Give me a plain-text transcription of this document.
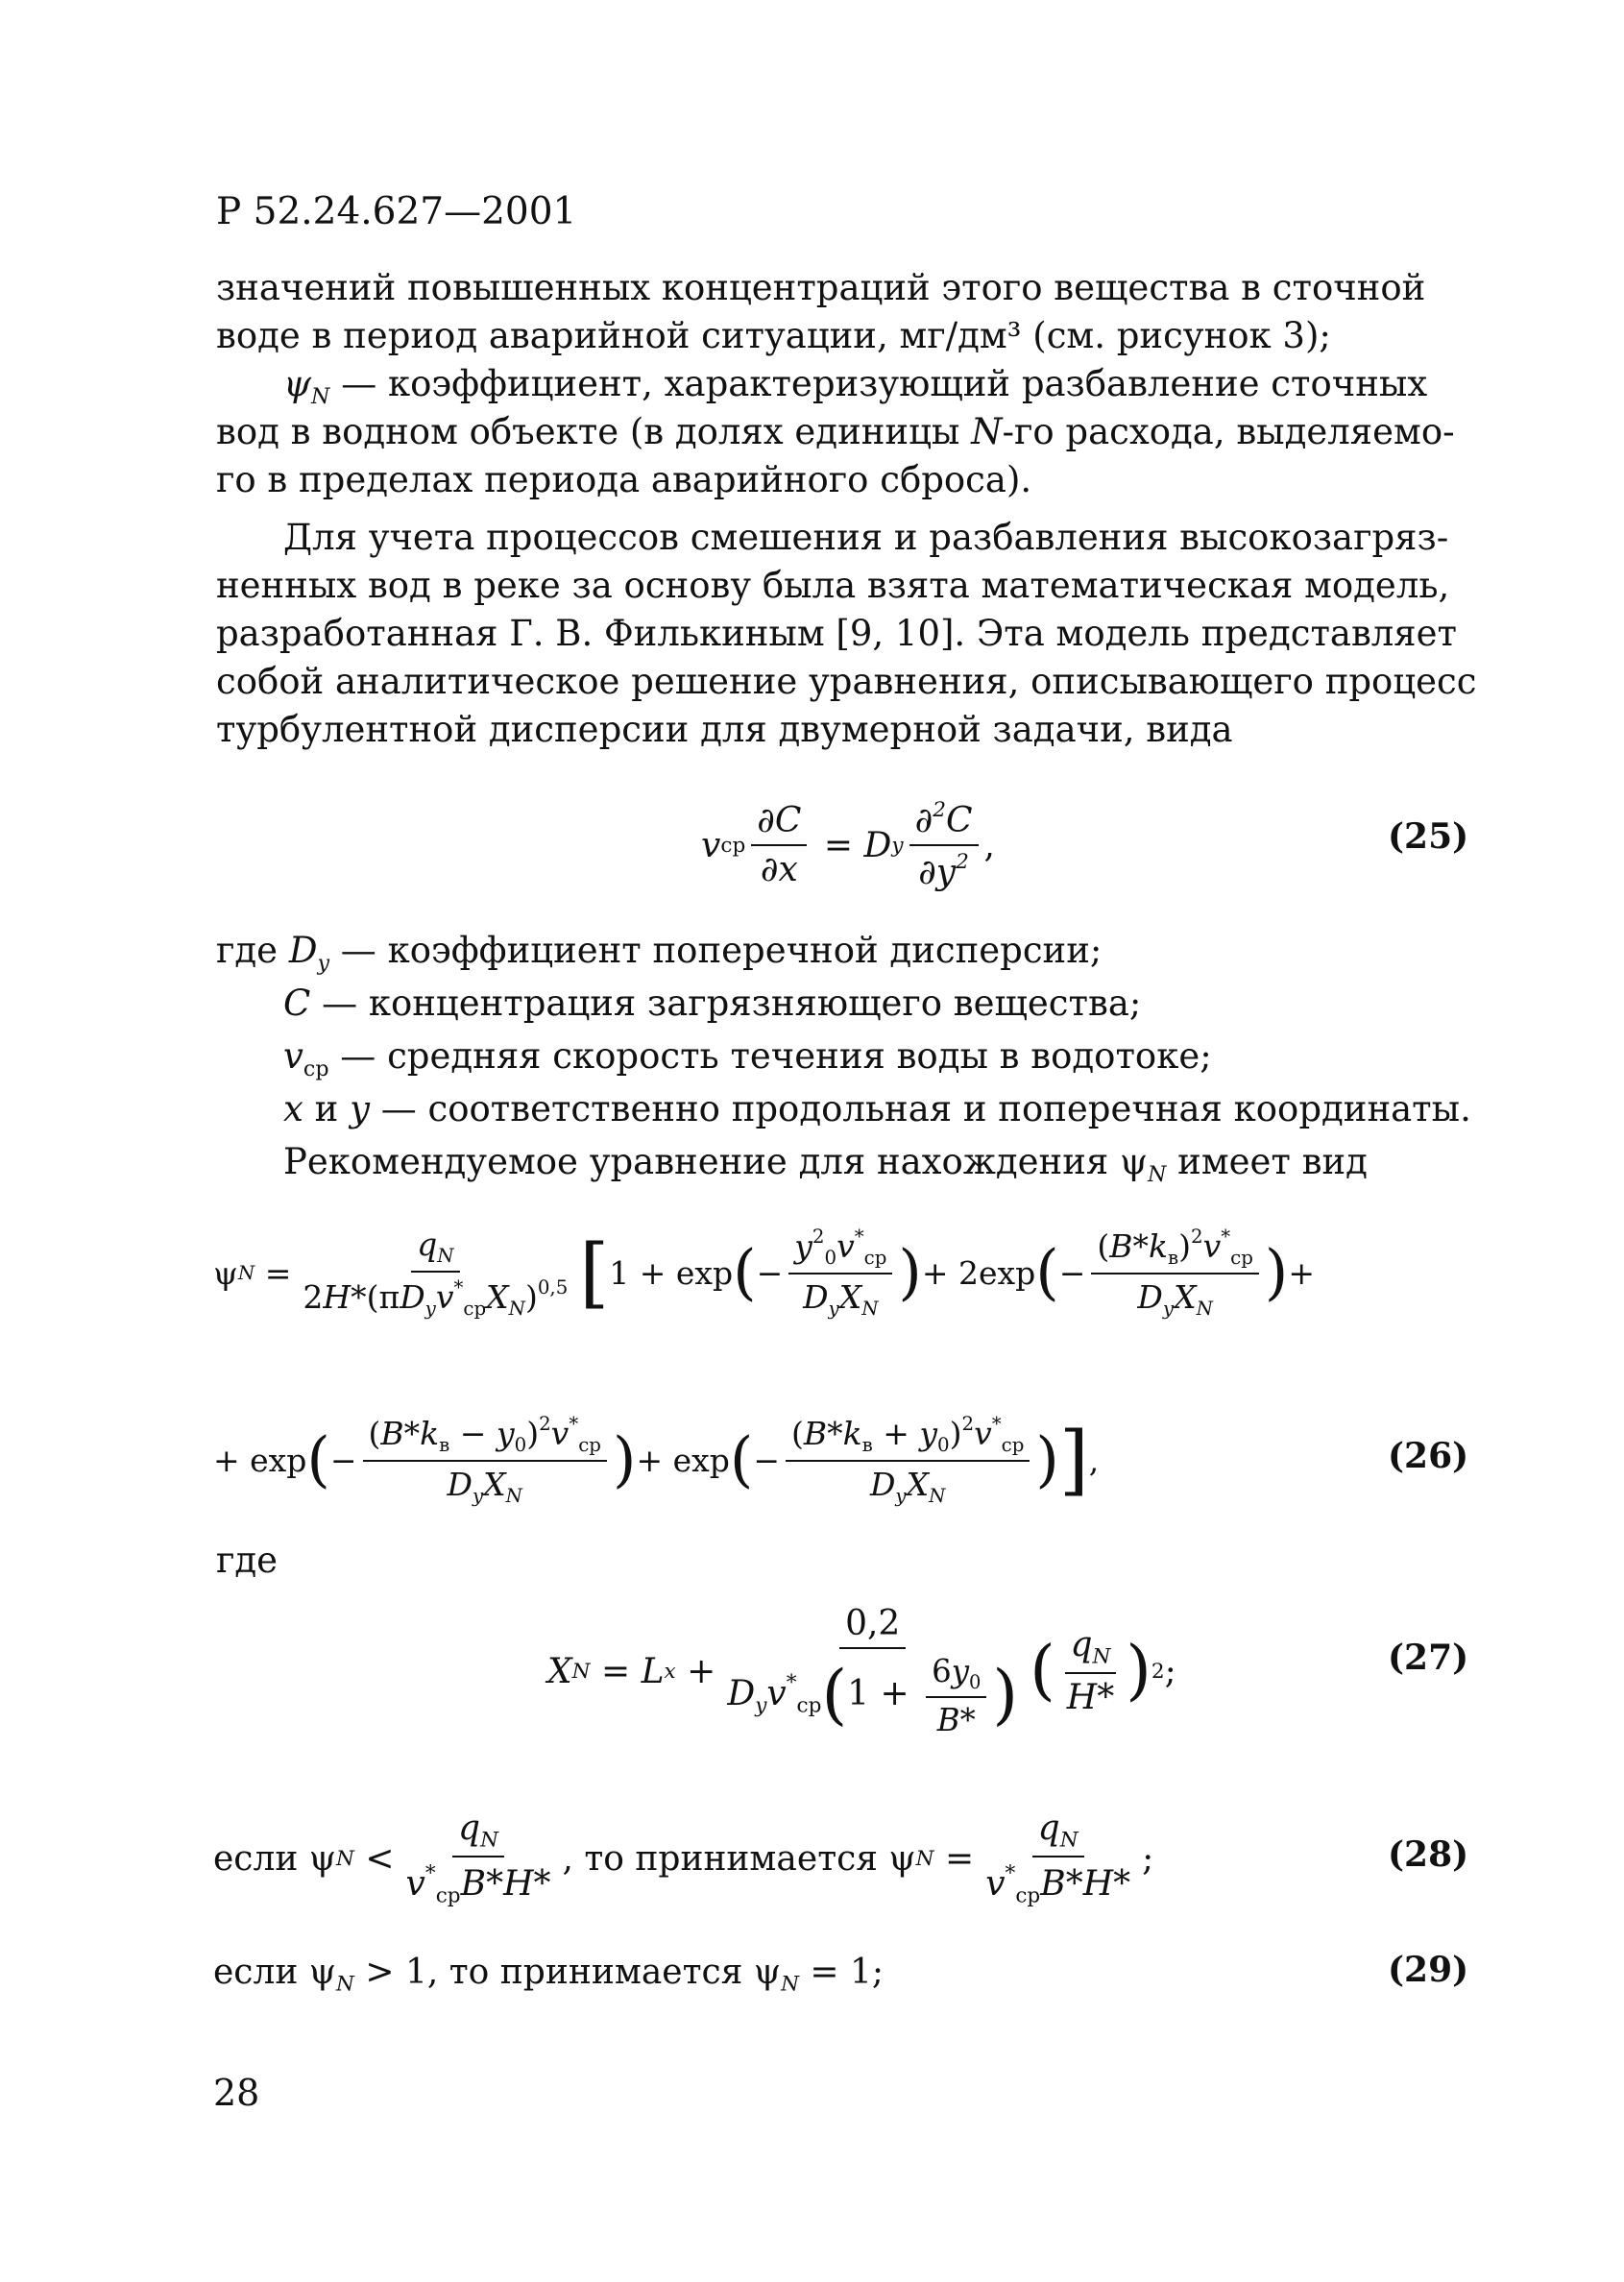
Р 52.24.627—2001
значений повышенных концентраций этого вещества в сточной
воде в период аварийной ситуации, мг/дм³ (см. рисунок 3);
$\psi_N$ — коэффициент, характеризующий разбавление сточных
вод в водном объекте (в долях единицы N-го расхода, выделяемо-
го в пределах периода аварийного сброса).
Для учета процессов смешения и разбавления высокозагряз-
ненных вод в реке за основу была взята математическая модель,
разработанная Г. В. Филькиным [9, 10]. Эта модель представляет
собой аналитическое решение уравнения, описывающего процесс
турбулентной дисперсии для двумерной задачи, вида
v ср $\frac{\partial C}{\partial x} = D$ y $\frac{\partial^2C}{\partial y^2}$ ,	(25)
где $D_y$ — коэффициент поперечной дисперсии;
C — концентрация загрязняющего вещества;
$v_{ср}$ — средняя скорость течения воды в водотоке;
x и y — соответственно продольная и поперечная координаты.
Рекомендуемое уравнение для нахождения $\psi_N$ имеет вид
ψ $N = \frac{q_N}{2H*(\pi D_yv^*_{ср}X_N)^{0,5}}$ [ 1 + exp ( − $\frac{y^2_0v^*_{ср}}{D_yX_N}$ ) + 2exp ( − $\frac{(B*k_в)^2v^*_{ср}}{D_yX_N}$ ) +
+ exp ( − $\frac{(B*k_в - y_0)^2v^*_{ср}}{D_yX_N}$ ) + exp ( − $\frac{(B*k_в + y_0)^2v^*_{ср}}{D_yX_N}$ ) ] ,	(26)
где
X N = L $x + \frac{0,2}{D_yv^*_{ср}(1 + \frac{6y_0}{B*} )}$ ( $\frac{q_N}{H*}$ ) 2 ;	(27)
если ψ $N < \frac{q_N}{v^*_{ср}B*H*}$ , то принимается ψ $N = \frac{q_N}{v^*_{ср}B*H*}$ ;	(28)
если $\psi_N > 1$, то принимается $\psi_N = 1$;	(29)
28
